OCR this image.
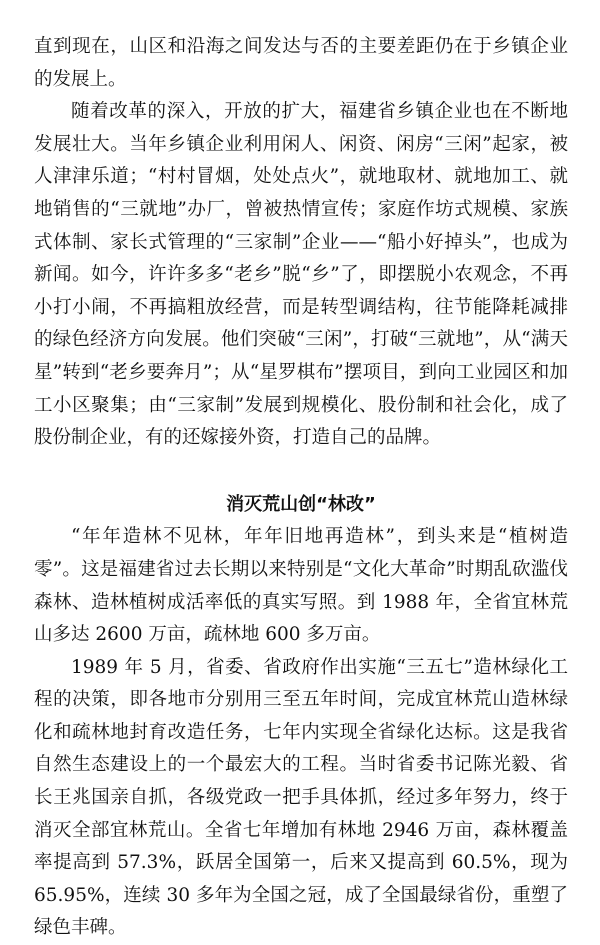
直到现在，山区和沿海之间发达与否的主要差距仍在于乡镇企业的发展上。

随着改革的深入，开放的扩大，福建省乡镇企业也在不断地发展壮大。当年乡镇企业利用闲人、闲资、闲房“三闲”起家，被人津津乐道；“村村冒烟，处处点火”，就地取材、就地加工、就地销售的“三就地”办厂，曾被热情宣传；家庭作坊式规模、家族式体制、家长式管理的“三家制”企业——“船小好掉头”，也成为新闻。如今，许许多多“老乡”脱“乡”了，即摆脱小农观念，不再小打小闹，不再搞粗放经营，而是转型调结构，往节能降耗减排的绿色经济方向发展。他们突破“三闲”，打破“三就地”，从“满天星”转到“老乡要奔月”；从“星罗棋布”摆项目，到向工业园区和加工小区聚集；由“三家制”发展到规模化、股份制和社会化，成了股份制企业，有的还嫁接外资，打造自己的品牌。

消灭荒山创“林改”

“年年造林不见林，年年旧地再造林”，到头来是“植树造零”。这是福建省过去长期以来特别是“文化大革命”时期乱砍滥伐森林、造林植树成活率低的真实写照。到 1988 年，全省宜林荒山多达 2600 万亩，疏林地 600 多万亩。

1989 年 5 月，省委、省政府作出实施“三五七”造林绿化工程的决策，即各地市分别用三至五年时间，完成宜林荒山造林绿化和疏林地封育改造任务，七年内实现全省绿化达标。这是我省自然生态建设上的一个最宏大的工程。当时省委书记陈光毅、省长王兆国亲自抓，各级党政一把手具体抓，经过多年努力，终于消灭全部宜林荒山。全省七年增加有林地 2946 万亩，森林覆盖率提高到 57.3%，跃居全国第一，后来又提高到 60.5%，现为 65.95%，连续 30 多年为全国之冠，成了全国最绿省份，重塑了绿色丰碑。
